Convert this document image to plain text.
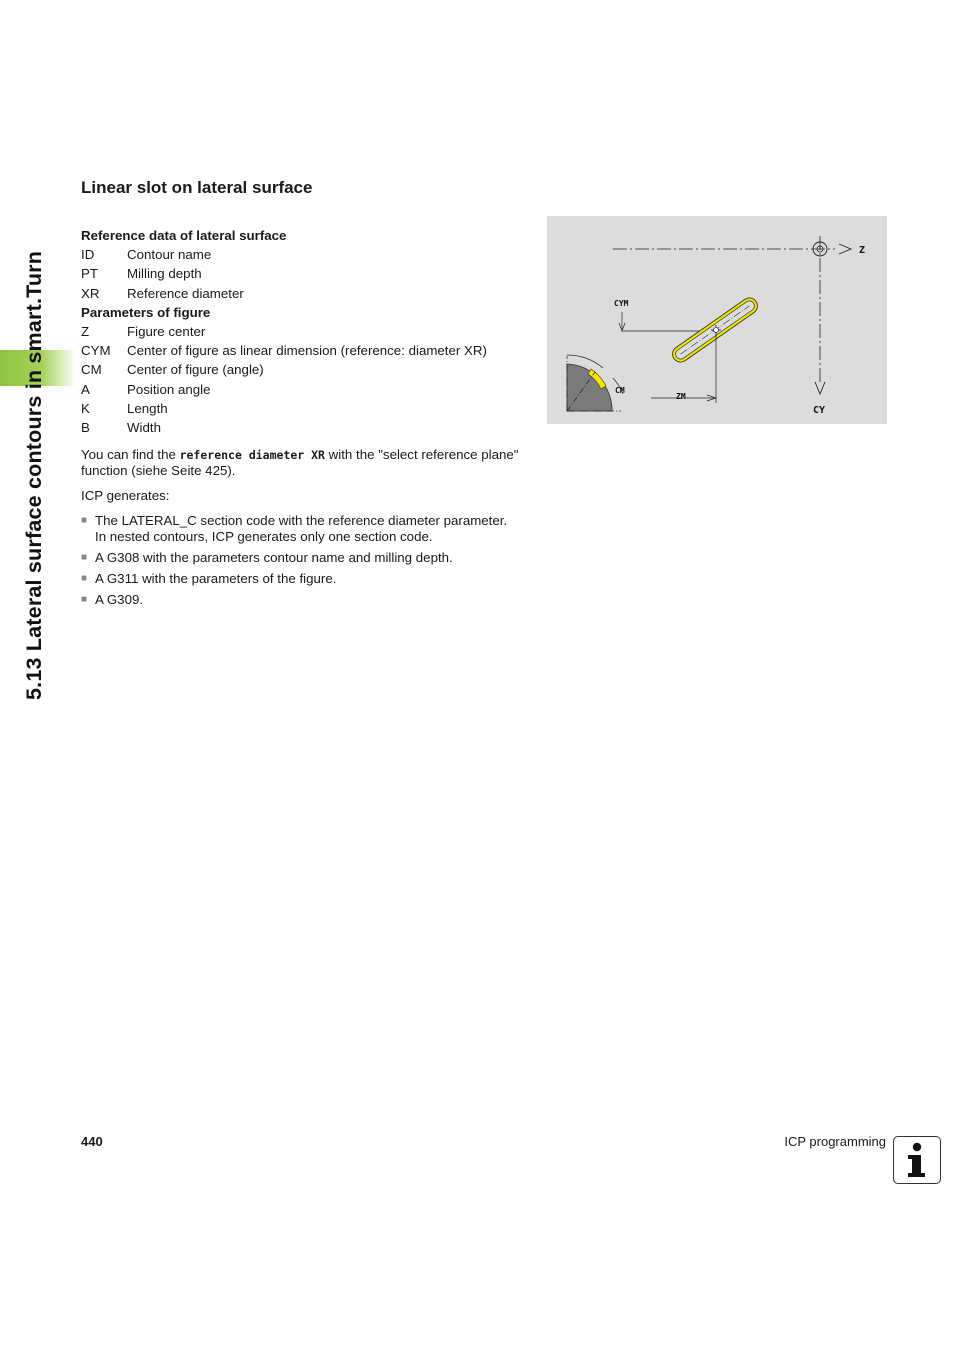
5.13 Lateral surface contours in smart.Turn
Linear slot on lateral surface
Reference data of lateral surface
ID	Contour name
PT	Milling depth
XR	Reference diameter
Parameters of figure
Z	Figure center
CYM	Center of figure as linear dimension (reference: diameter XR)
CM	Center of figure (angle)
A	Position angle
K	Length
B	Width
You can find the reference diameter XR with the "select reference plane" function (siehe Seite 425).
ICP generates:
■ The LATERAL_C section code with the reference diameter parameter. In nested contours, ICP generates only one section code.
■ A G308 with the parameters contour name and milling depth.
■ A G311 with the parameters of the figure.
■ A G309.
Z
CY
CYM
ZM
CM
440	ICP programming
